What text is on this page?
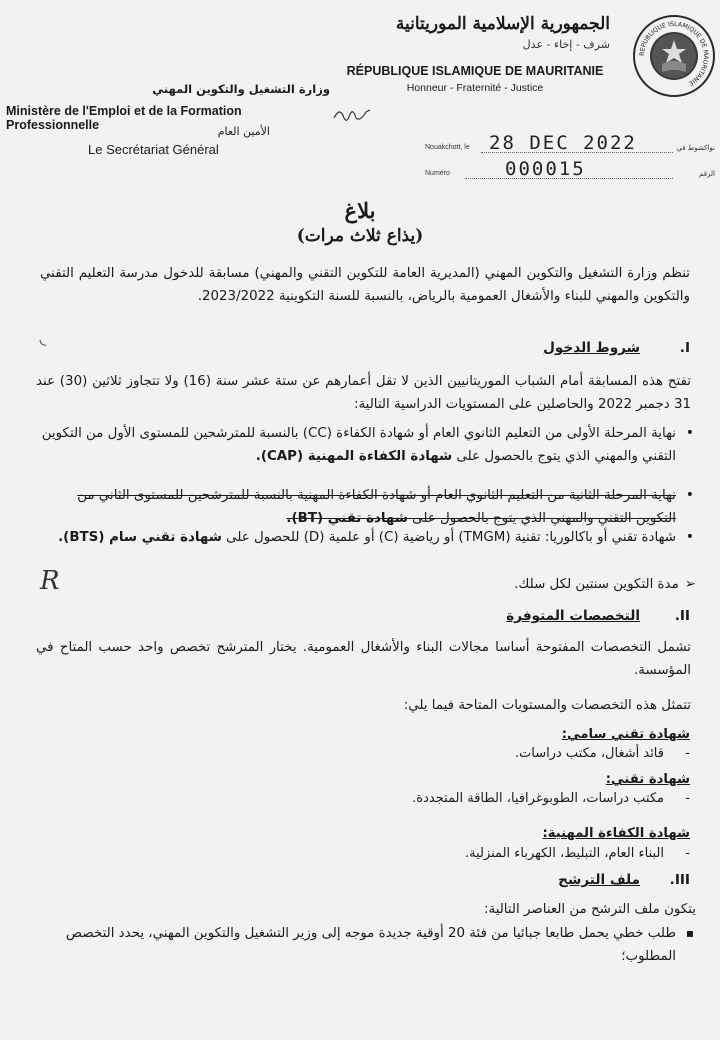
الجمهورية الإسلامية الموريتانية
شرف - إخاء - عدل
RÉPUBLIQUE ISLAMIQUE DE MAURITANIE
Honneur - Fraternité - Justice
REPUBLIQUE ISLAMIQUE DE MAURITANIE
وزارة التشغيل والتكوين المهني
Ministère de l'Emploi et de la Formation Professionnelle	الأمين العام
Le Secrétariat Général	Nouakchott, le 28 DEC 2022	نواكشوط في
Numéro	000015	الرقم
بلاغ
(يذاع ثلاث مرات)
تنظم وزارة التشغيل والتكوين المهني (المديرية العامة للتكوين التقني والمهني) مسابقة للدخول مدرسة التعليم التقني والتكوين والمهني للبناء والأشغال العمومية بالرياض، بالنسبة للسنة التكوينية 2023/2022.
I.شروط الدخول
تفتح هذه المسابقة أمام الشباب الموريتانيين الذين لا تقل أعمارهم عن ستة عشر سنة (16) ولا تتجاوز ثلاثين (30) عند 31 دجمبر 2022 والحاصلين على المستويات الدراسية التالية:
• نهاية المرحلة الأولى من التعليم الثانوي العام أو شهادة الكفاءة (CC) بالنسبة للمترشحين للمستوى الأول من التكوين التقني والمهني الذي يتوج بالحصول على شهادة الكفاءة المهنية (CAP).
• نهاية المرحلة الثانية من التعليم الثانوي العام أو شهادة الكفاءة المهنية بالنسبة للمترشحين للمستوى الثاني من التكوين التقني والمهني الذي يتوج بالحصول على شهادة تقني (BT).
• شهادة تقني أو باكالوريا: تقنية (TMGM) أو رياضية (C) أو علمية (D) للحصول على شهادة تقني سام (BTS).
➢مدة التكوين سنتين لكل سلك.
R
II.التخصصات المتوفرة
تشمل التخصصات المفتوحة أساسا مجالات البناء والأشغال العمومية. يختار المترشح تخصص واحد حسب المتاح في المؤسسة.
تتمثل هذه التخصصات والمستويات المتاحة فيما يلي:
شهادة تقني سامي:
-قائد أشغال، مكتب دراسات.
شهادة تقني:
-مكتب دراسات، الطوبوغرافيا، الطاقة المتجددة.
شهادة الكفاءة المهنية:
-البناء العام، التبليط، الكهرباء المنزلية.
III.ملف الترشح
يتكون ملف الترشح من العناصر التالية:
▪ طلب خطي يحمل طابعا جبائيا من فئة 20 أوقية جديدة موجه إلى وزير التشغيل والتكوين المهني، يحدد التخصص المطلوب؛
